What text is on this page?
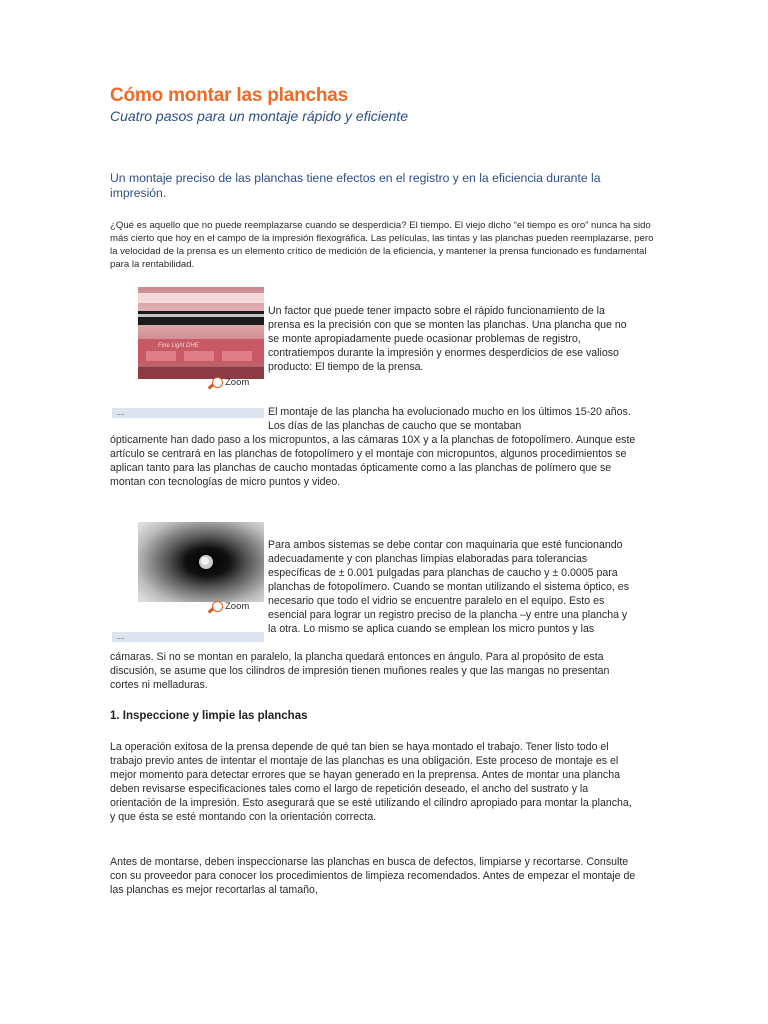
Cómo montar las planchas
Cuatro pasos para un montaje rápido y eficiente
Un montaje preciso de las planchas tiene efectos en el registro y en la eficiencia durante la impresión.
¿Qué es aquello que no puede reemplazarse cuando se desperdicia? El tiempo. El viejo dicho “el tiempo es oro” nunca ha sido más cierto que hoy en el campo de la impresión flexográfica. Las películas, las tintas y las planchas pueden reemplazarse, pero la velocidad de la prensa es un elemento crítico de medición de la eficiencia, y mantener la prensa funcionado es fundamental para la rentabilidad.
Fine Light DHE
Zoom
....
Un factor que puede tener impacto sobre el rápido funcionamiento de la prensa es la precisión con que se monten las planchas. Una plancha que no se monte apropiadamente puede ocasionar problemas de registro, contratiempos durante la impresión y enormes desperdicios de ese valioso producto: El tiempo de la prensa.
El montaje de las plancha ha evolucionado mucho en los últimos 15-20 años. Los días de las planchas de caucho que se montaban
ópticamente han dado paso a los micropuntos, a las cámaras 10X y a la planchas de fotopolímero. Aunque este artículo se centrará en las planchas de fotopolímero y el montaje con micropuntos, algunos procedimientos se aplican tanto para las planchas de caucho montadas ópticamente como a las planchas de polímero que se montan con tecnologías de micro puntos y video.
Zoom
....
Para ambos sistemas se debe contar con maquinaria que esté funcionando adecuadamente y con planchas limpias elaboradas para tolerancias específicas de ± 0.001 pulgadas para planchas de caucho y ± 0.0005 para planchas de fotopolímero. Cuando se montan utilizando el sistema óptico, es necesario que todo el vidrio se encuentre paralelo en el equipo. Esto es esencial para lograr un registro preciso de la plancha –y entre una plancha y la otra. Lo mismo se aplica cuando se emplean los micro puntos y las
cámaras. Si no se montan en paralelo, la plancha quedará entonces en ángulo. Para al propósito de esta discusión, se asume que los cilindros de impresión tienen muñones reales y que las mangas no presentan cortes ni melladuras.
1. Inspeccione y limpie las planchas
La operación exitosa de la prensa depende de qué tan bien se haya montado el trabajo. Tener listo todo el trabajo previo antes de intentar el montaje de las planchas es una obligación. Este proceso de montaje es el mejor momento para detectar errores que se hayan generado en la preprensa. Antes de montar una plancha deben revisarse especificaciones tales como el largo de repetición deseado, el ancho del sustrato y la orientación de la impresión. Esto asegurará que se esté utilizando el cilindro apropiado para montar la plancha, y que ésta se esté montando con la orientación correcta.
Antes de montarse, deben inspeccionarse las planchas en busca de defectos, limpiarse y recortarse. Consulte con su proveedor para conocer los procedimientos de limpieza recomendados. Antes de empezar el montaje de las planchas es mejor recortarlas al tamaño,
